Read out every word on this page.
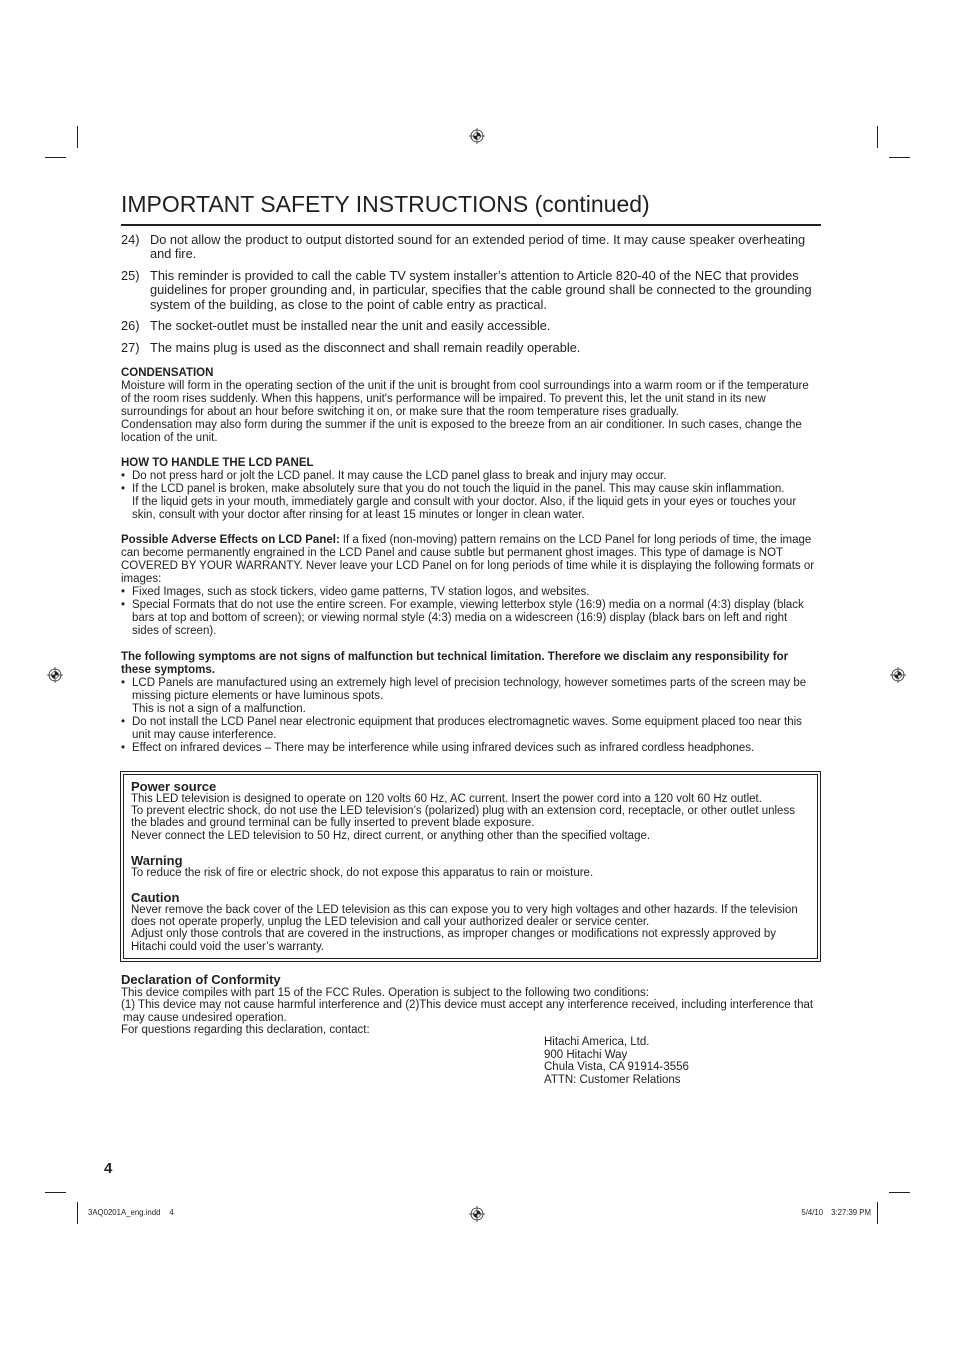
IMPORTANT SAFETY INSTRUCTIONS (continued)
24) Do not allow the product to output distorted sound for an extended period of time. It may cause speaker overheating
and fire.
25) This reminder is provided to call the cable TV system installer’s attention to Article 820-40 of the NEC that provides
guidelines for proper grounding and, in particular, specifies that the cable ground shall be connected to the grounding
system of the building, as close to the point of cable entry as practical.
26) The socket-outlet must be installed near the unit and easily accessible.
27) The mains plug is used as the disconnect and shall remain readily operable.
CONDENSATION
Moisture will form in the operating section of the unit if the unit is brought from cool surroundings into a warm room or if the temperature
of the room rises suddenly. When this happens, unit's performance will be impaired. To prevent this, let the unit stand in its new
surroundings for about an hour before switching it on, or make sure that the room temperature rises gradually.
Condensation may also form during the summer if the unit is exposed to the breeze from an air conditioner. In such cases, change the
location of the unit.
HOW TO HANDLE THE LCD PANEL
• Do not press hard or jolt the LCD panel. It may cause the LCD panel glass to break and injury may occur.
• If the LCD panel is broken, make absolutely sure that you do not touch the liquid in the panel. This may cause skin inflammation.
If the liquid gets in your mouth, immediately gargle and consult with your doctor. Also, if the liquid gets in your eyes or touches your
skin, consult with your doctor after rinsing for at least 15 minutes or longer in clean water.
Possible Adverse Effects on LCD Panel: If a fixed (non-moving) pattern remains on the LCD Panel for long periods of time, the image
can become permanently engrained in the LCD Panel and cause subtle but permanent ghost images. This type of damage is NOT
COVERED BY YOUR WARRANTY. Never leave your LCD Panel on for long periods of time while it is displaying the following formats or
images:
• Fixed Images, such as stock tickers, video game patterns, TV station logos, and websites.
• Special Formats that do not use the entire screen. For example, viewing letterbox style (16:9) media on a normal (4:3) display (black
bars at top and bottom of screen); or viewing normal style (4:3) media on a widescreen (16:9) display (black bars on left and right
sides of screen).
The following symptoms are not signs of malfunction but technical limitation. Therefore we disclaim any responsibility for
these symptoms.
• LCD Panels are manufactured using an extremely high level of precision technology, however sometimes parts of the screen may be
missing picture elements or have luminous spots.
This is not a sign of a malfunction.
• Do not install the LCD Panel near electronic equipment that produces electromagnetic waves. Some equipment placed too near this
unit may cause interference.
• Effect on infrared devices – There may be interference while using infrared devices such as infrared cordless headphones.
Power source
This LED television is designed to operate on 120 volts 60 Hz, AC current. Insert the power cord into a 120 volt 60 Hz outlet.
To prevent electric shock, do not use the LED television’s (polarized) plug with an extension cord, receptacle, or other outlet unless
the blades and ground terminal can be fully inserted to prevent blade exposure.
Never connect the LED television to 50 Hz, direct current, or anything other than the specified voltage.
Warning
To reduce the risk of fire or electric shock, do not expose this apparatus to rain or moisture.
Caution
Never remove the back cover of the LED television as this can expose you to very high voltages and other hazards. If the television
does not operate properly, unplug the LED television and call your authorized dealer or service center.
Adjust only those controls that are covered in the instructions, as improper changes or modifications not expressly approved by
Hitachi could void the user’s warranty.
Declaration of Conformity
This device compiles with part 15 of the FCC Rules. Operation is subject to the following two conditions:
(1) This device may not cause harmful interference and (2)This device must accept any interference received, including interference that
may cause undesired operation.
For questions regarding this declaration, contact:
Hitachi America, Ltd.
900 Hitachi Way
Chula Vista, CA 91914-3556
ATTN: Customer Relations
4
3AQ0201A_eng.indd 4	5/4/10 3:27:39 PM
